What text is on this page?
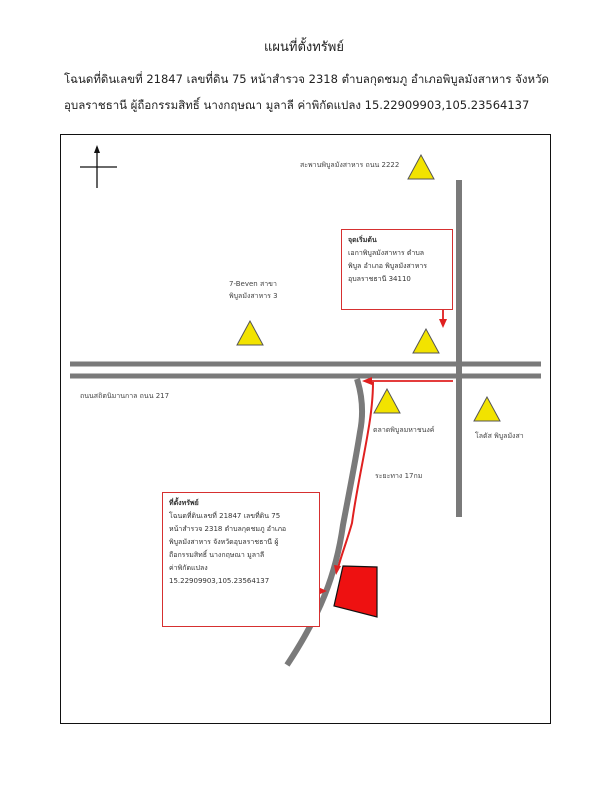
แผนที่ตั้งทรัพย์
โฉนดที่ดินเลขที่ 21847 เลขที่ดิน 75 หน้าสำรวจ 2318 ตำบลกุดชมภู อำเภอพิบูลมังสาหาร จังหวัด
อุบลราชธานี ผู้ถือกรรมสิทธิ์ นางกฤษณา มูลาลี ค่าพิกัดแปลง 15.22909903,105.23564137
สะพานพิบูลมังสาหาร ถนน 2222
7-Beven สาขา
พิบูลมังสาหาร 3
ถนนสถิตนิมานกาล ถนน 217
ตลาดพิบูลมหาชนงค์
โลตัส พิบูลมังสา
ระยะทาง 17กม
จุดเริ่มต้น
เอกาพิบูลมังสาหาร ตำบล
พิบูล อำเภอ พิบูลมังสาหาร
อุบลราชธานี 34110
ที่ตั้งทรัพย์
โฉนดที่ดินเลขที่ 21847 เลขที่ดิน 75
หน้าสำรวจ 2318 ตำบลกุดชมภู อำเภอ
พิบูลมังสาหาร จังหวัดอุบลราชธานี ผู้
ถือกรรมสิทธิ์ นางกฤษณา มูลาลี
ค่าพิกัดแปลง
15.22909903,105.23564137
